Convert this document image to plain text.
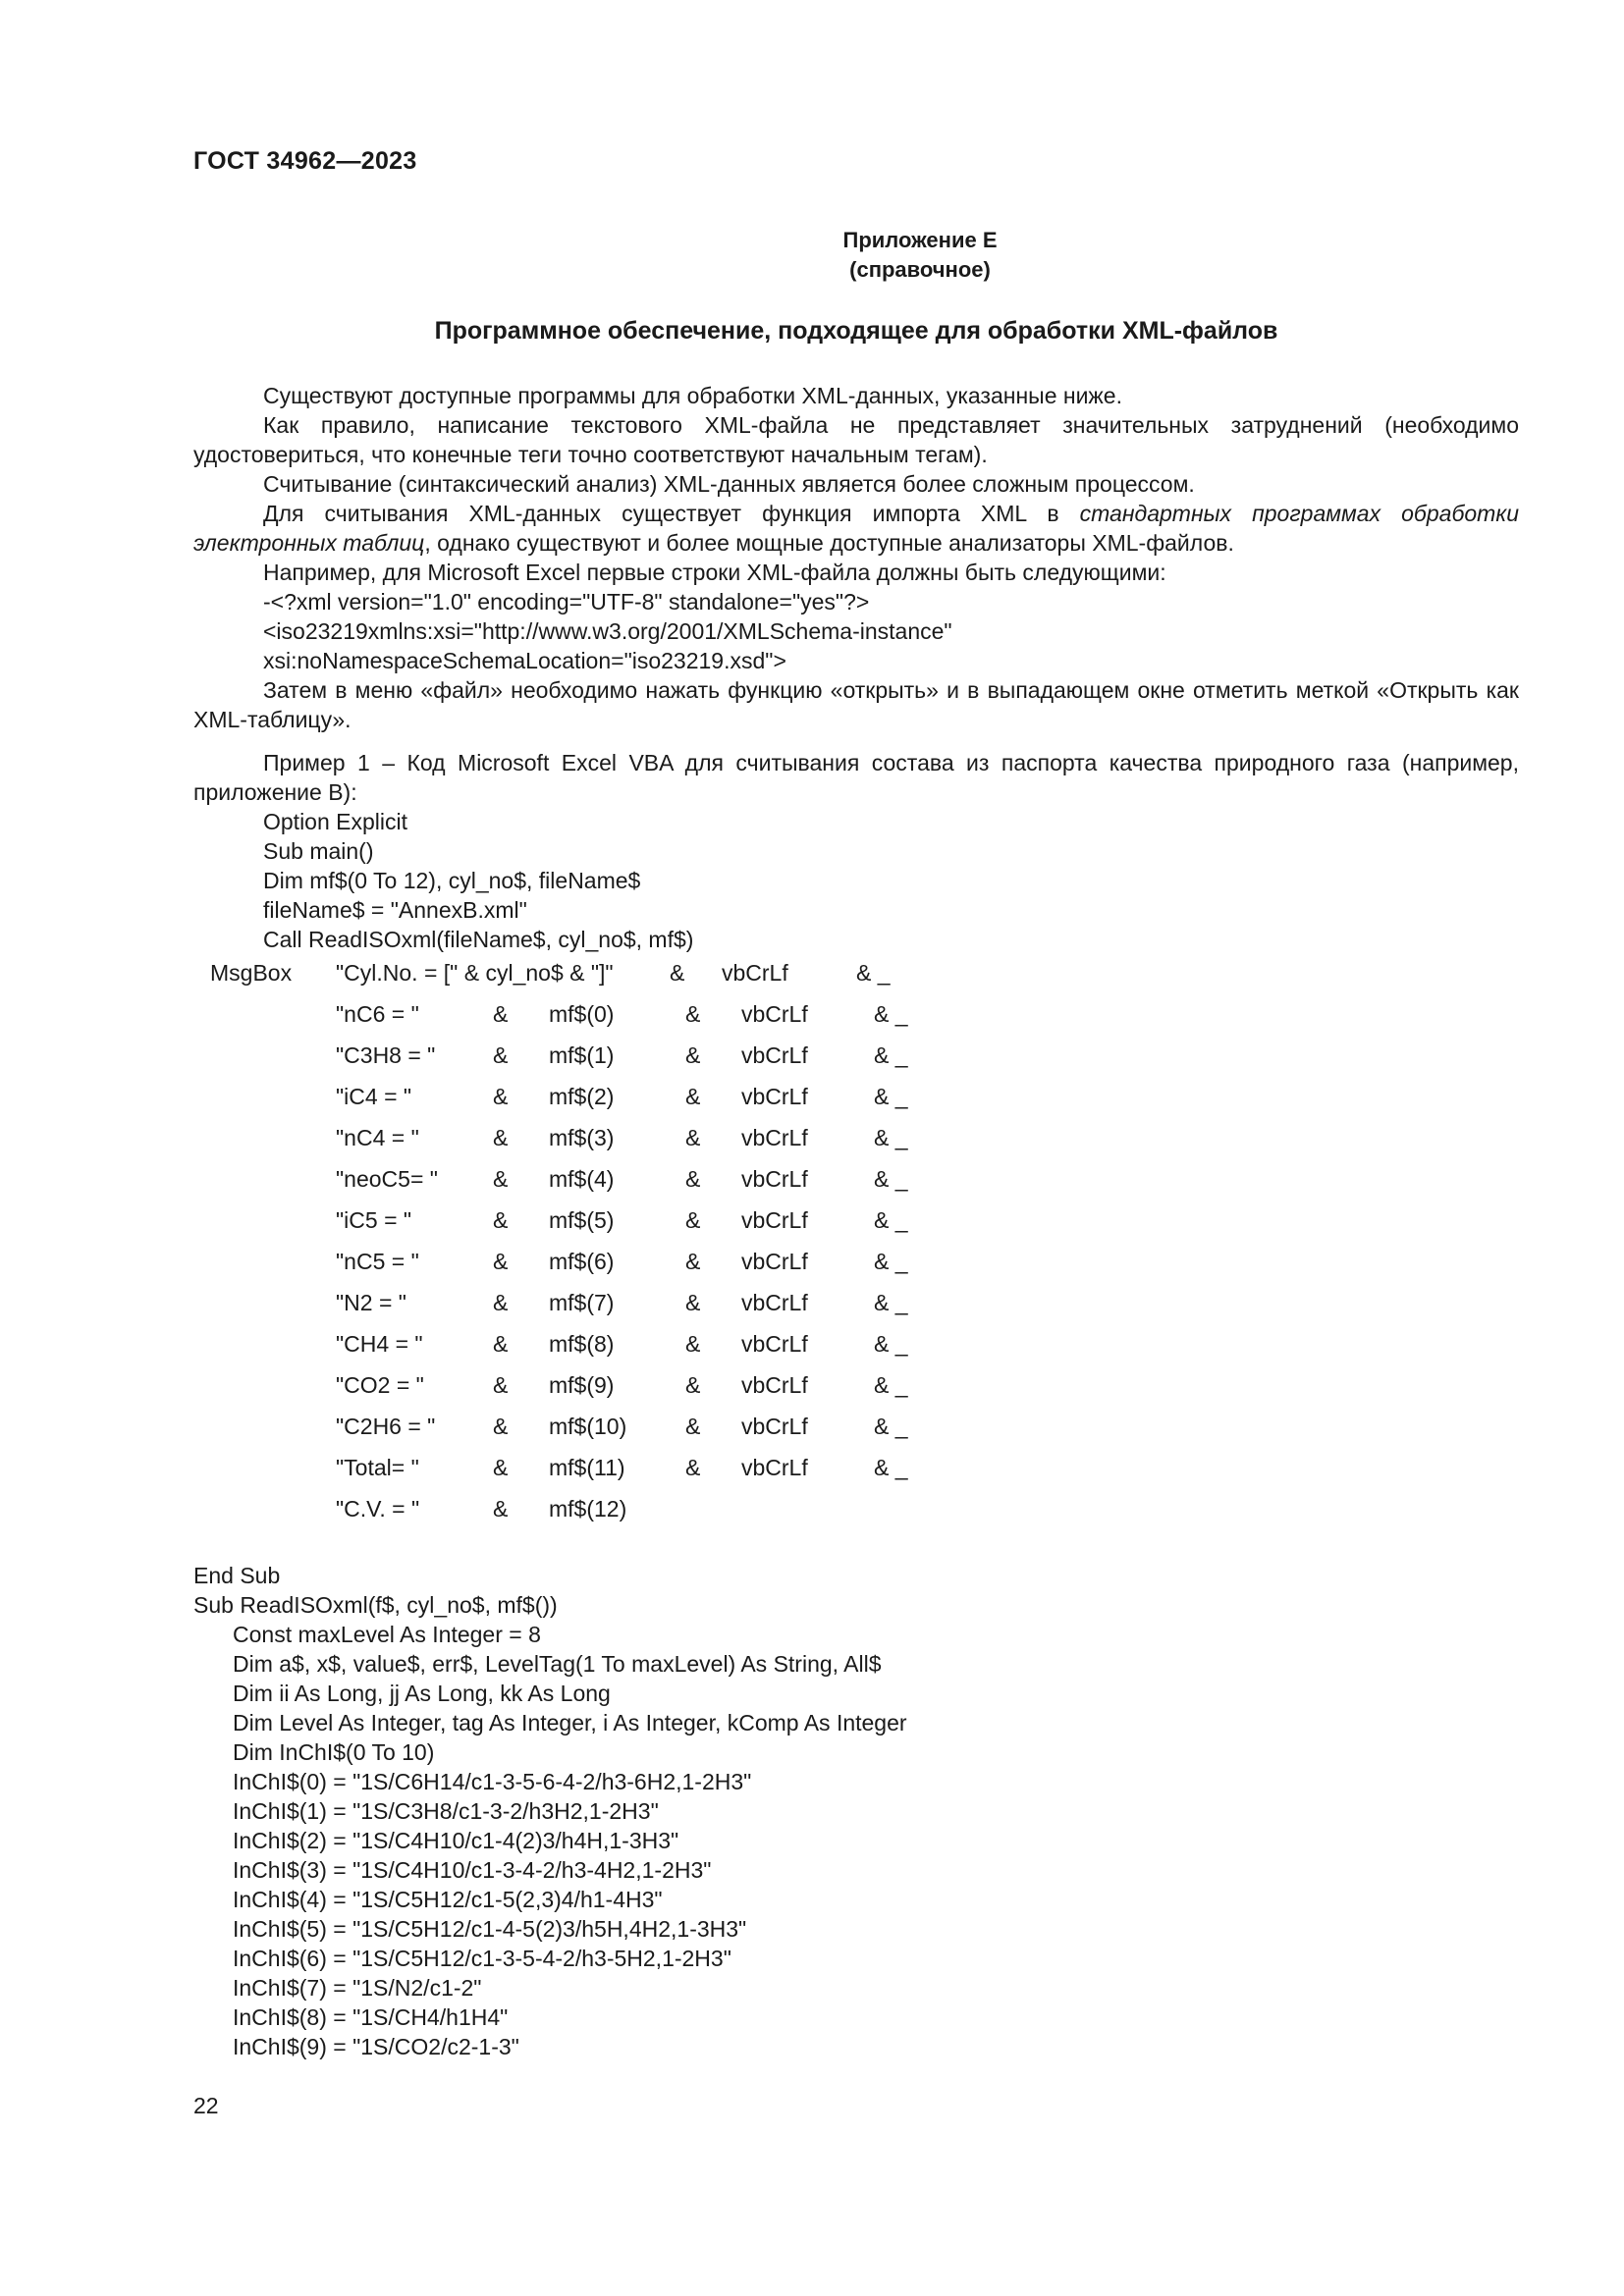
ГОСТ 34962—2023
Приложение Е
(справочное)
Программное обеспечение, подходящее для обработки XML-файлов

Существуют доступные программы для обработки XML-данных, указанные ниже.

Как правило, написание текстового XML-файла не представляет значительных затруднений (необходимо удостовериться, что конечные теги точно соответствуют начальным тегам).

Считывание (синтаксический анализ) XML-данных является более сложным процессом.

Для считывания XML-данных существует функция импорта XML в стандартных программах обработки электронных таблиц, однако существуют и более мощные доступные анализаторы XML-файлов.

Например, для Microsoft Excel первые строки XML-файла должны быть следующими:

-<?xml version="1.0" encoding="UTF-8" standalone="yes"?>

<iso23219xmlns:xsi="http://www.w3.org/2001/XMLSchema-instance"

xsi:noNamespaceSchemaLocation="iso23219.xsd">

Затем в меню «файл» необходимо нажать функцию «открыть» и в выпадающем окне отметить меткой «Открыть как XML-таблицу».

Пример 1 – Код Microsoft Excel VBA для считывания состава из паспорта качества природного газа (например, приложение B):

Option Explicit

Sub main()

Dim mf$(0 To 12), cyl_no$, fileName$

fileName$ = "AnnexB.xml"

Call ReadISOxml(fileName$, cyl_no$, mf$)

MsgBox "Cyl.No. = [" & cyl_no$ & "]" & vbCrLf	& _
"nC6 = "	& mf$(0)	& vbCrLf	& _
"C3H8 = "	& mf$(1)	& vbCrLf	& _
"iC4 = "	& mf$(2)	& vbCrLf	& _
"nC4 = "	& mf$(3)	& vbCrLf	& _
"neoC5= " & mf$(4)	& vbCrLf	& _
"iC5 = "	& mf$(5)	& vbCrLf	& _
"nC5 = "	& mf$(6)	& vbCrLf	& _
"N2 = "	& mf$(7)	& vbCrLf	& _
"CH4 = "	& mf$(8)	& vbCrLf	& _
"CO2 = "	& mf$(9)	& vbCrLf	& _
"C2H6 = "	& mf$(10)	& vbCrLf	& _
"Total= "	& mf$(11)	& vbCrLf	& _
"C.V. = "	& mf$(12)

End Sub

Sub ReadISOxml(f$, cyl_no$, mf$())

Const maxLevel As Integer = 8

Dim a$, x$, value$, err$, LevelTag(1 To maxLevel) As String, All$

Dim ii As Long, jj As Long, kk As Long

Dim Level As Integer, tag As Integer, i As Integer, kComp As Integer

Dim InChI$(0 To 10)

InChI$(0) = "1S/C6H14/c1-3-5-6-4-2/h3-6H2,1-2H3"

InChI$(1) = "1S/C3H8/c1-3-2/h3H2,1-2H3"

InChI$(2) = "1S/C4H10/c1-4(2)3/h4H,1-3H3"

InChI$(3) = "1S/C4H10/c1-3-4-2/h3-4H2,1-2H3"

InChI$(4) = "1S/C5H12/c1-5(2,3)4/h1-4H3"

InChI$(5) = "1S/C5H12/c1-4-5(2)3/h5H,4H2,1-3H3"

InChI$(6) = "1S/C5H12/c1-3-5-4-2/h3-5H2,1-2H3"

InChI$(7) = "1S/N2/c1-2"

InChI$(8) = "1S/CH4/h1H4"

InChI$(9) = "1S/CO2/c2-1-3"

22
